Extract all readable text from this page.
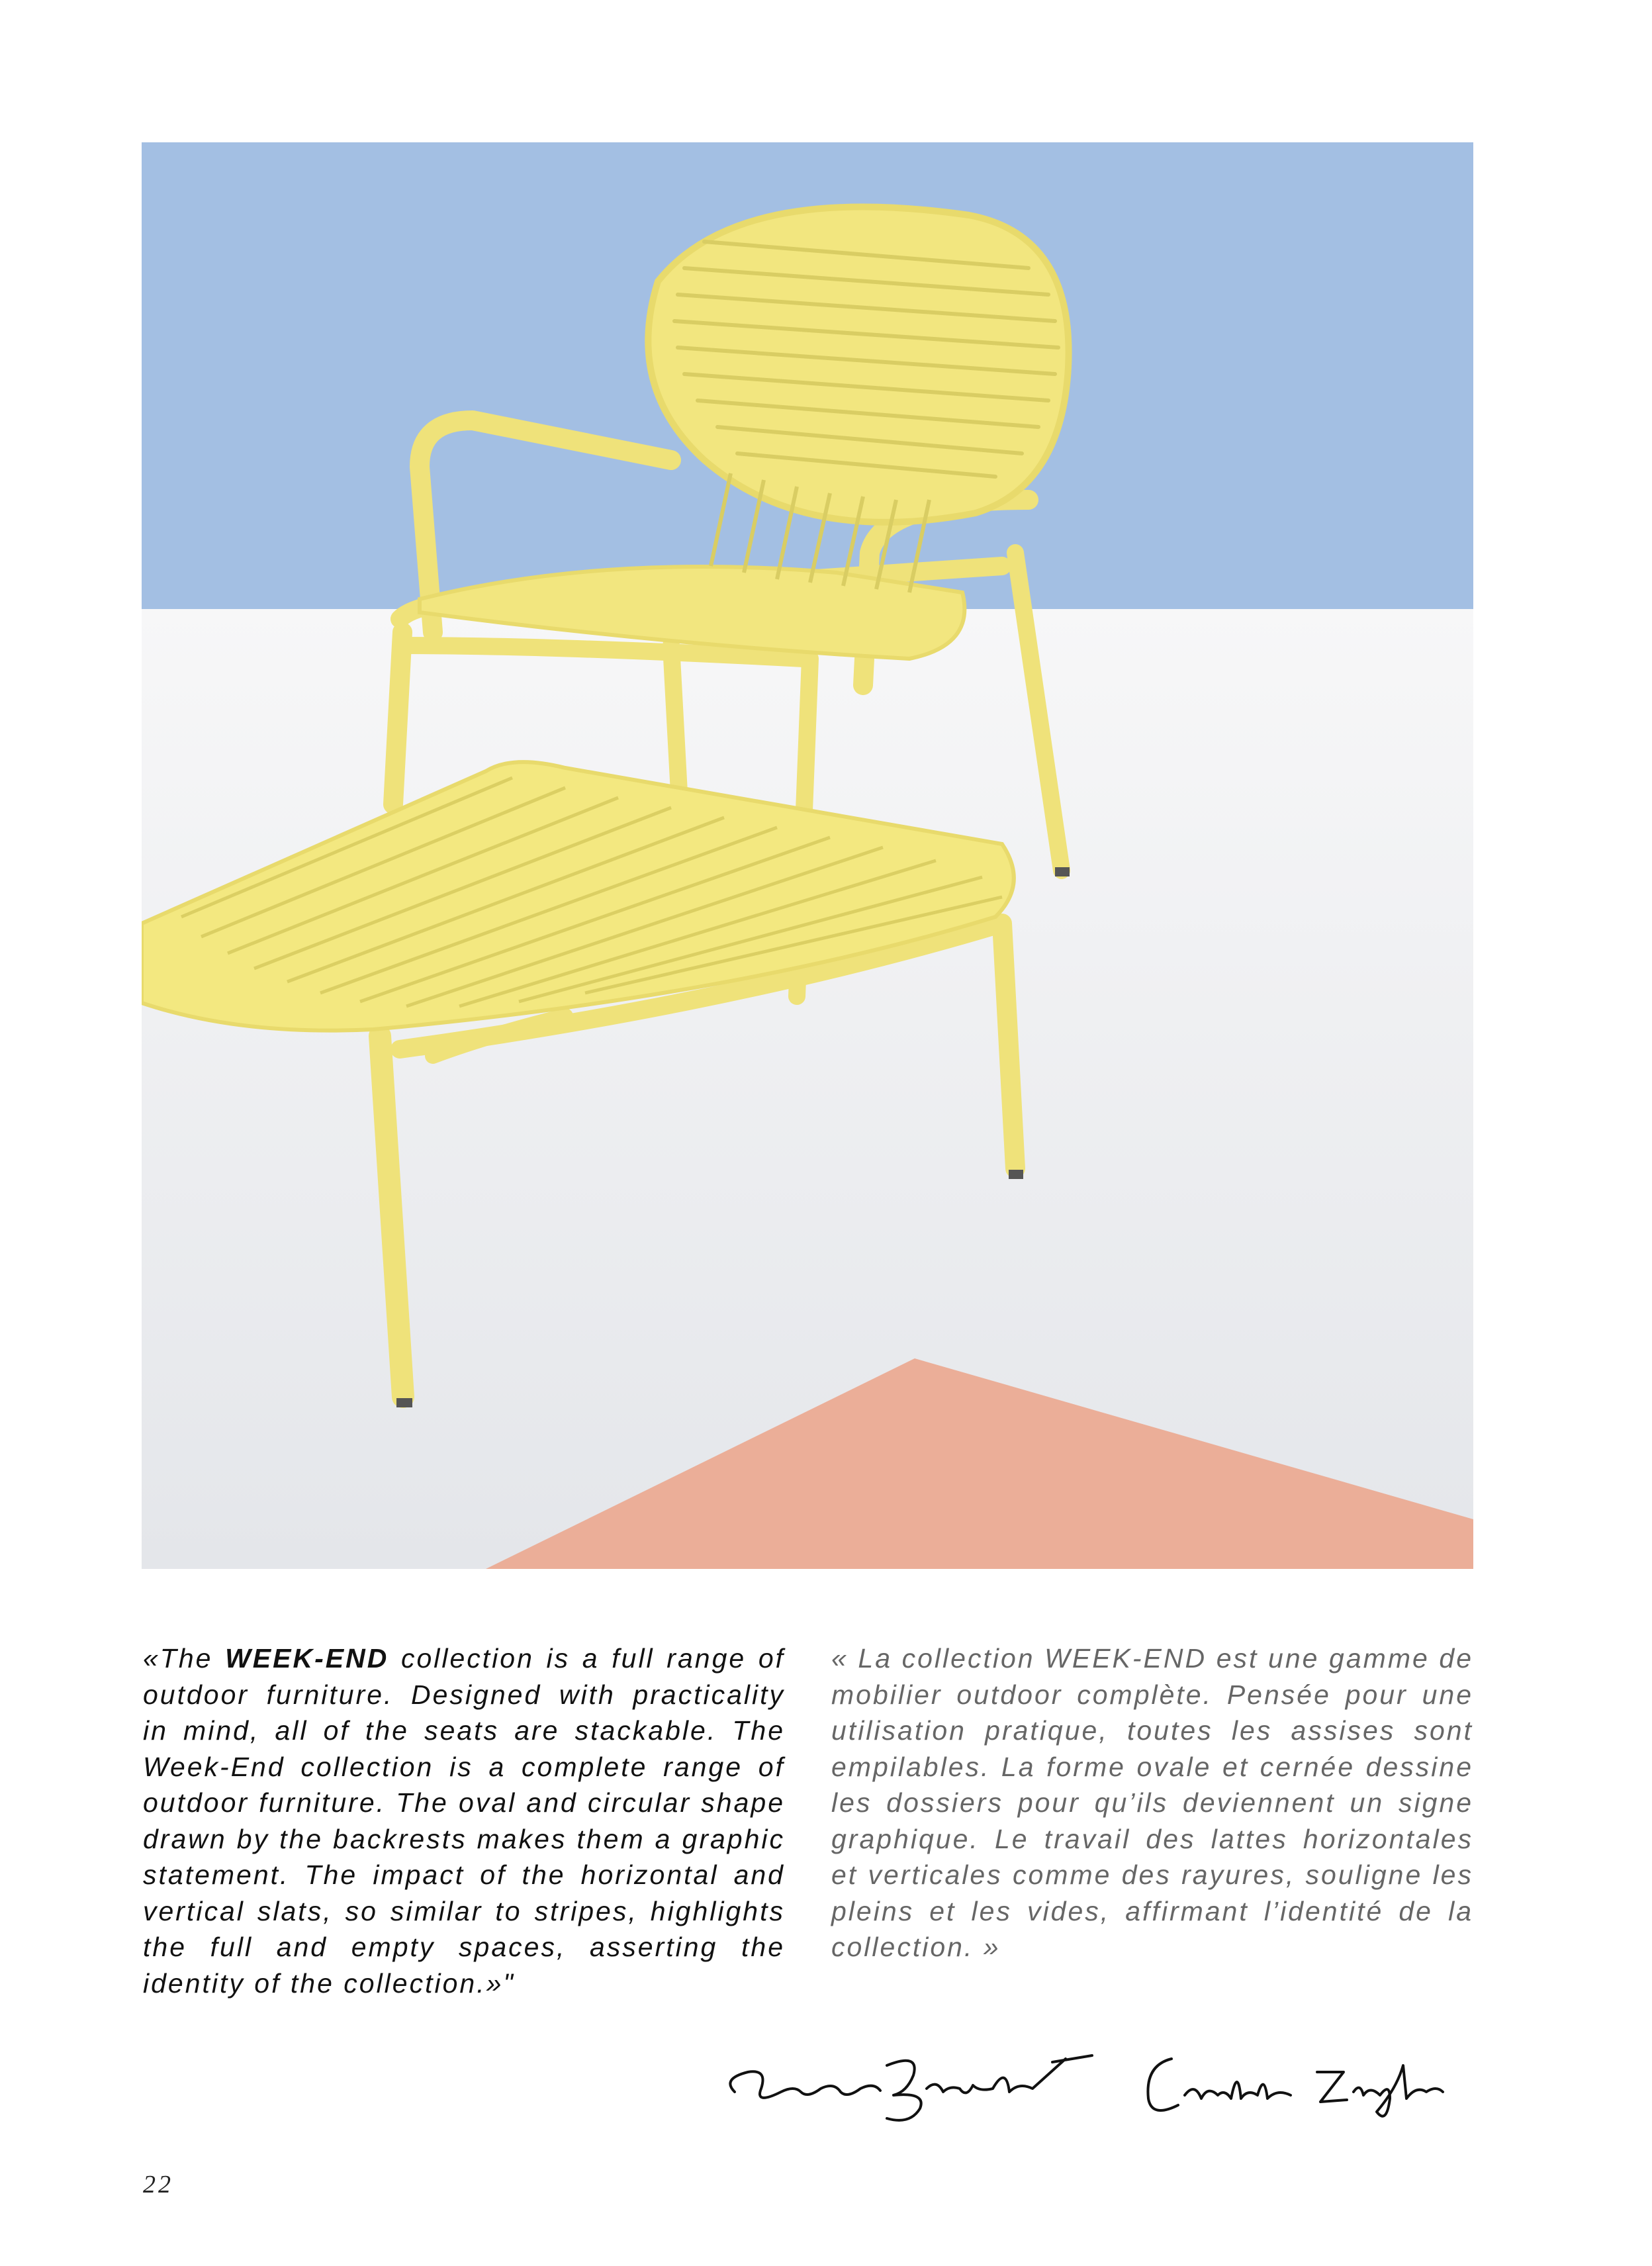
«The WEEK-END collection is a full range of outdoor furniture. Designed with practicality in mind, all of the seats are stackable. The Week-End collection is a complete range of outdoor furniture. The oval and circular shape drawn by the backrests makes them a graphic statement. The impact of the horizontal and vertical slats, so similar to stripes, highlights the full and empty spaces, asserting the identity of the collection.»"

« La collection WEEK-END est une gamme de mobilier outdoor complète. Pensée pour une utilisation pratique, toutes les assises sont empilables. La forme ovale et cernée dessine les dossiers pour qu’ils deviennent un signe graphique. Le travail des lattes horizontales et verticales comme des rayures, souligne les pleins et les vides, affirmant l’identité de la collection. »

22
